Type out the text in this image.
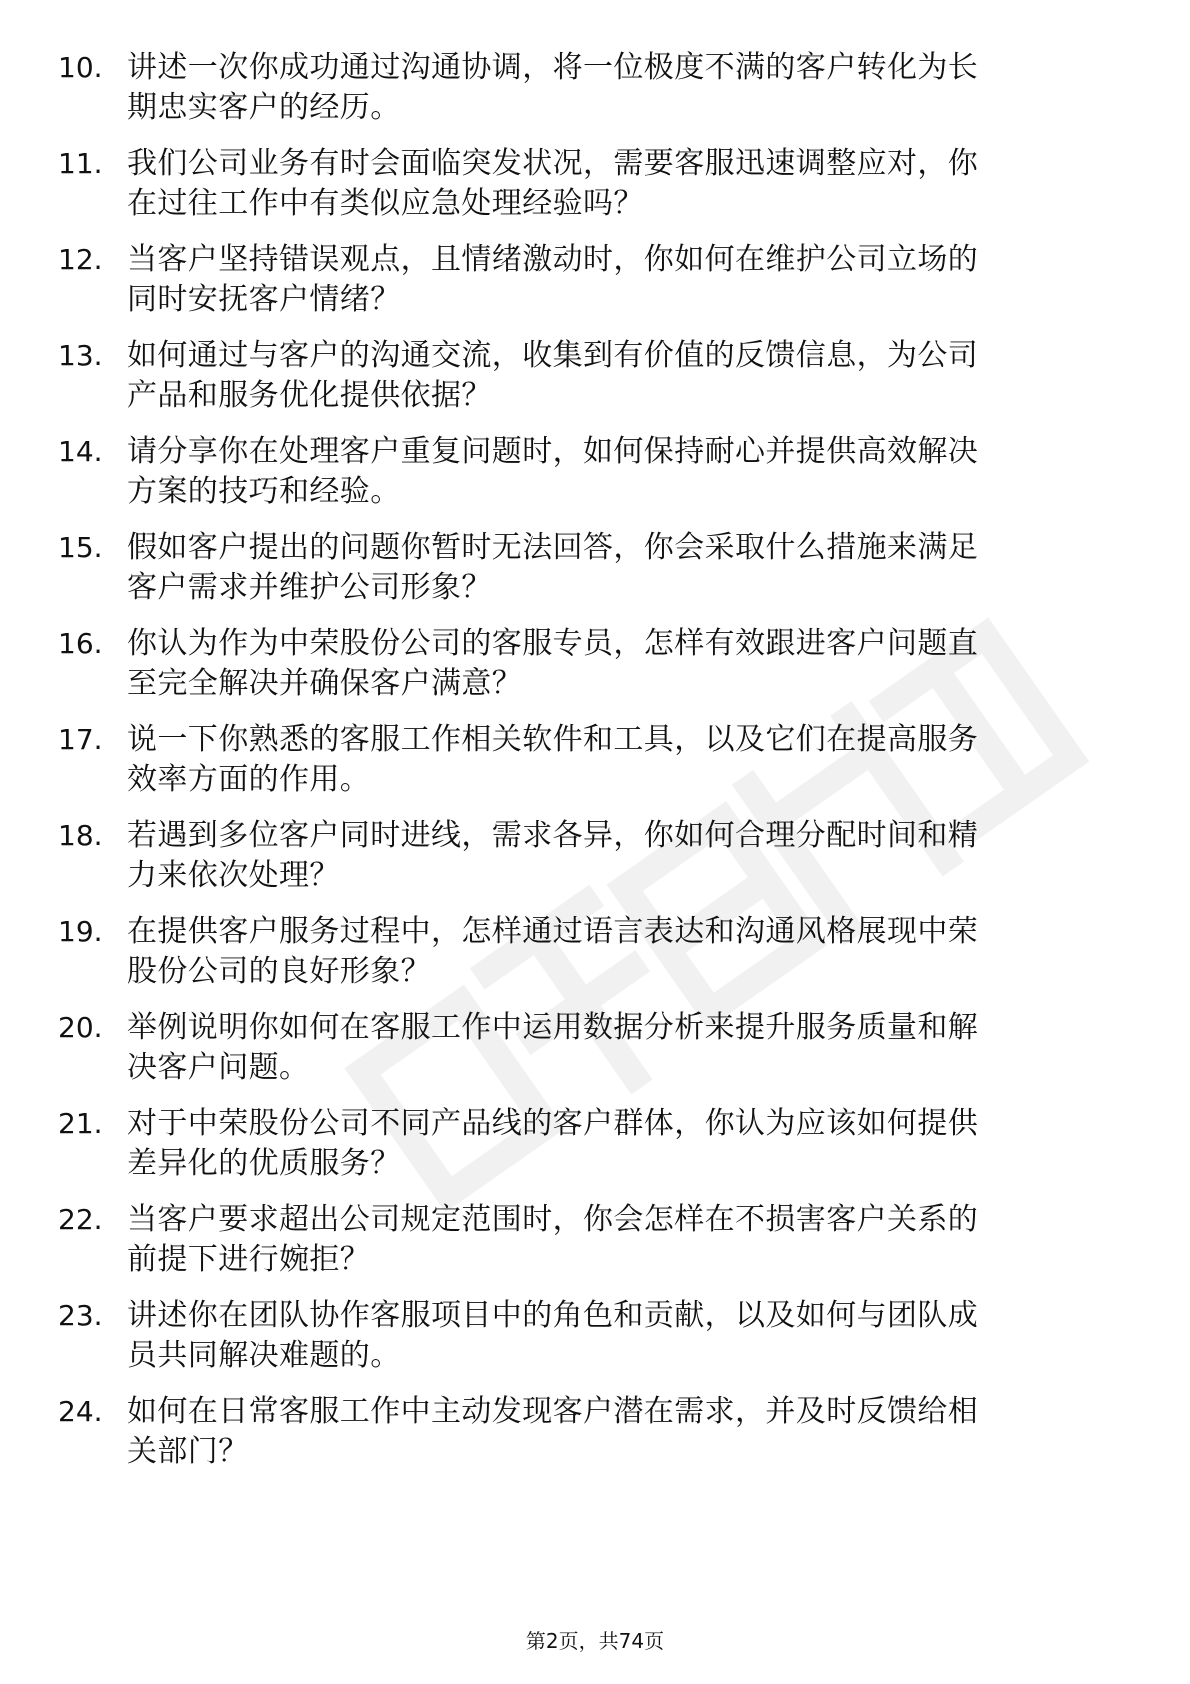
10. 讲述一次你成功通过沟通协调，将一位极度不满的客户转化为长
期忠实客户的经历。
11. 我们公司业务有时会面临突发状况，需要客服迅速调整应对，你
在过往工作中有类似应急处理经验吗？
12. 当客户坚持错误观点，且情绪激动时，你如何在维护公司立场的
同时安抚客户情绪？
13. 如何通过与客户的沟通交流，收集到有价值的反馈信息，为公司
产品和服务优化提供依据？
14. 请分享你在处理客户重复问题时，如何保持耐心并提供高效解决
方案的技巧和经验。
15. 假如客户提出的问题你暂时无法回答，你会采取什么措施来满足
客户需求并维护公司形象？
16. 你认为作为中荣股份公司的客服专员，怎样有效跟进客户问题直
至完全解决并确保客户满意？
17. 说一下你熟悉的客服工作相关软件和工具，以及它们在提高服务
效率方面的作用。
18. 若遇到多位客户同时进线，需求各异，你如何合理分配时间和精
力来依次处理？
19. 在提供客户服务过程中，怎样通过语言表达和沟通风格展现中荣
股份公司的良好形象？
20. 举例说明你如何在客服工作中运用数据分析来提升服务质量和解
决客户问题。
21. 对于中荣股份公司不同产品线的客户群体，你认为应该如何提供
差异化的优质服务？
22. 当客户要求超出公司规定范围时，你会怎样在不损害客户关系的
前提下进行婉拒？
23. 讲述你在团队协作客服项目中的角色和贡献，以及如何与团队成
员共同解决难题的。
24. 如何在日常客服工作中主动发现客户潜在需求，并及时反馈给相
关部门？
第2页，共74页
